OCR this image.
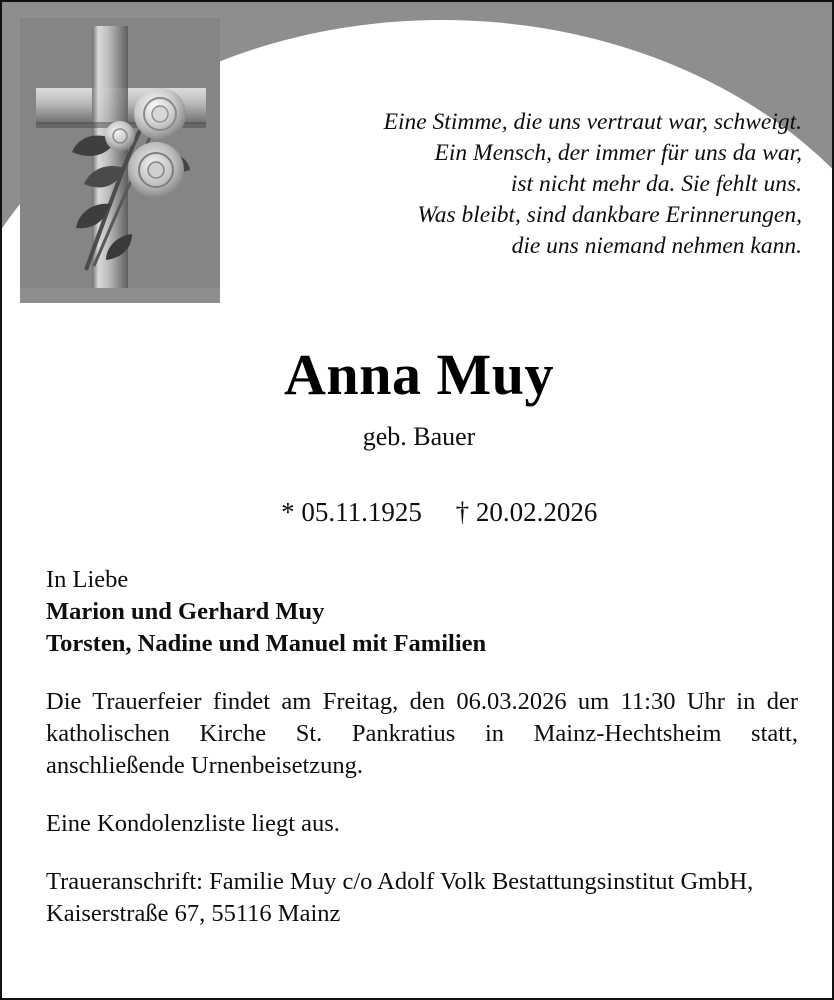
Eine Stimme, die uns vertraut war, schweigt.
Ein Mensch, der immer für uns da war,
ist nicht mehr da. Sie fehlt uns.
Was bleibt, sind dankbare Erinnerungen,
die uns niemand nehmen kann.
Anna Muy
geb. Bauer

* 05.11.1925 † 20.02.2026

In Liebe

Marion und Gerhard Muy

Torsten, Nadine und Manuel mit Familien

Die Trauerfeier findet am Freitag, den 06.03.2026 um 11:30 Uhr in der katholischen Kirche St. Pankratius in Mainz-Hechtsheim statt, anschließende Urnenbeisetzung.

Eine Kondolenzliste liegt aus.

Traueranschrift: Familie Muy c/o Adolf Volk Bestattungsinstitut GmbH, Kaiserstraße 67, 55116 Mainz
